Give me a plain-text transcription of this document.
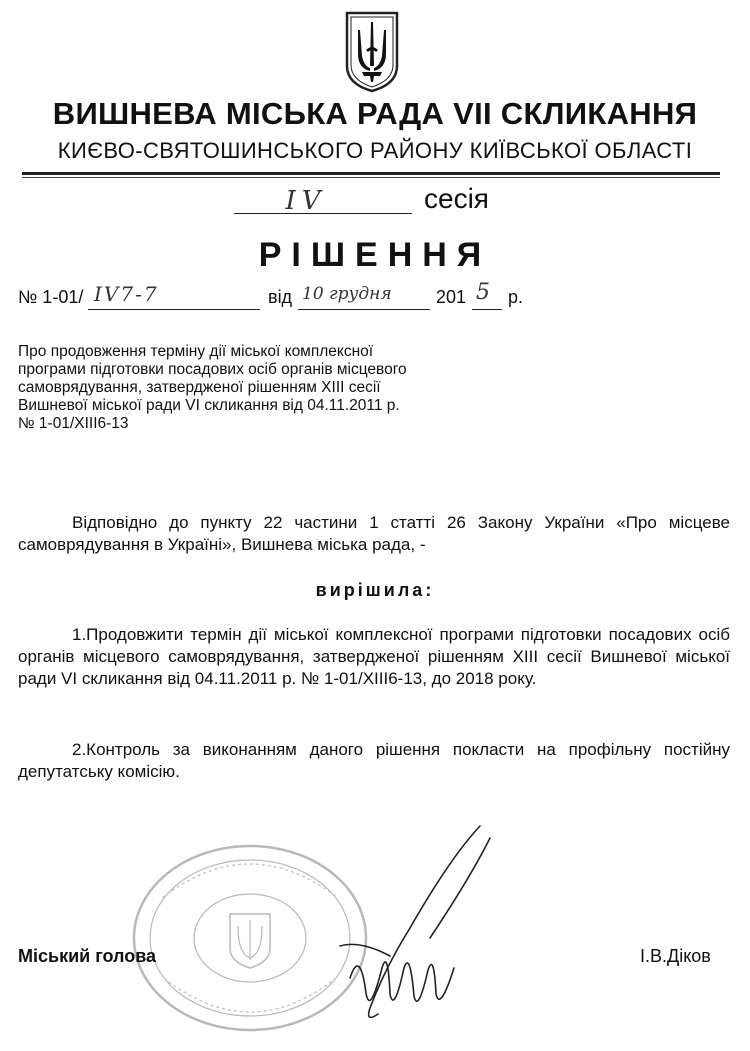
ВИШНЕВА МІСЬКА РАДА VII СКЛИКАННЯ
КИЄВО-СВЯТОШИНСЬКОГО РАЙОНУ КИЇВСЬКОЇ ОБЛАСТІ
IV	сесія
РІШЕННЯ
№ 1-01/ IV7-7	від 10 грудня 201 5 р.
Про продовження терміну дії міської комплексної
програми підготовки посадових осіб органів місцевого
самоврядування, затвердженої рішенням XIII сесії
Вишневої міської ради VI скликання від 04.11.2011 р.
№ 1-01/XIII6-13
Відповідно до пункту 22 частини 1 статті 26 Закону України «Про місцеве самоврядування в Україні», Вишнева міська рада, -
вирішила:
1.Продовжити термін дії міської комплексної програми підготовки посадових осіб органів місцевого самоврядування, затвердженої рішенням XIII сесії Вишневої міської ради VI скликання від 04.11.2011 р. № 1-01/XIII6-13, до 2018 року.
2.Контроль за виконанням даного рішення покласти на профільну постійну депутатську комісію.
Міський голова	І.В.Діков
